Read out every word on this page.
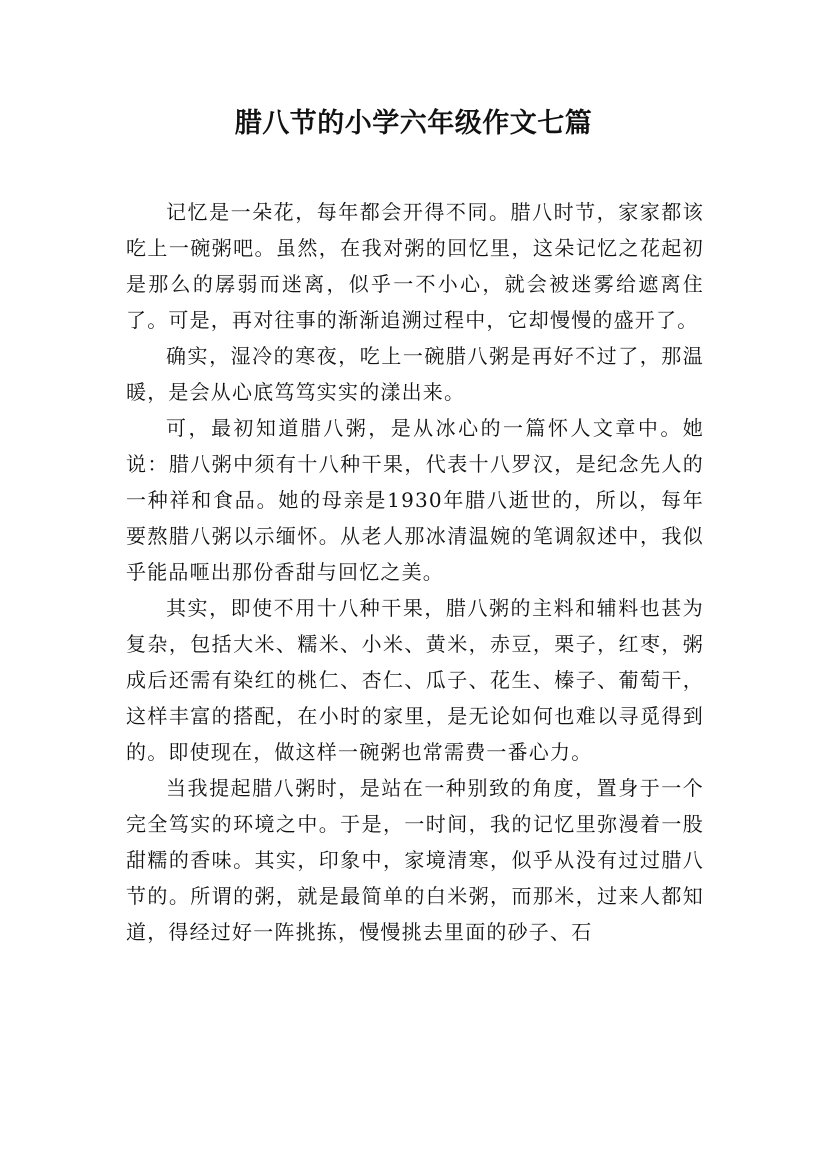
腊八节的小学六年级作文七篇

记忆是一朵花，每年都会开得不同。腊八时节，家家都该吃上一碗粥吧。虽然，在我对粥的回忆里，这朵记忆之花起初是那么的孱弱而迷离，似乎一不小心，就会被迷雾给遮离住了。可是，再对往事的渐渐追溯过程中，它却慢慢的盛开了。

确实，湿冷的寒夜，吃上一碗腊八粥是再好不过了，那温暖，是会从心底笃笃实实的漾出来。

可，最初知道腊八粥，是从冰心的一篇怀人文章中。她说：腊八粥中须有十八种干果，代表十八罗汉，是纪念先人的一种祥和食品。她的母亲是1930年腊八逝世的，所以，每年要熬腊八粥以示缅怀。从老人那冰清温婉的笔调叙述中，我似乎能品咂出那份香甜与回忆之美。

其实，即使不用十八种干果，腊八粥的主料和辅料也甚为复杂，包括大米、糯米、小米、黄米，赤豆，栗子，红枣，粥成后还需有染红的桃仁、杏仁、瓜子、花生、榛子、葡萄干，这样丰富的搭配，在小时的家里，是无论如何也难以寻觅得到的。即使现在，做这样一碗粥也常需费一番心力。

当我提起腊八粥时，是站在一种别致的角度，置身于一个完全笃实的环境之中。于是，一时间，我的记忆里弥漫着一股甜糯的香味。其实，印象中，家境清寒，似乎从没有过过腊八节的。所谓的粥，就是最简单的白米粥，而那米，过来人都知道，得经过好一阵挑拣，慢慢挑去里面的砂子、石
